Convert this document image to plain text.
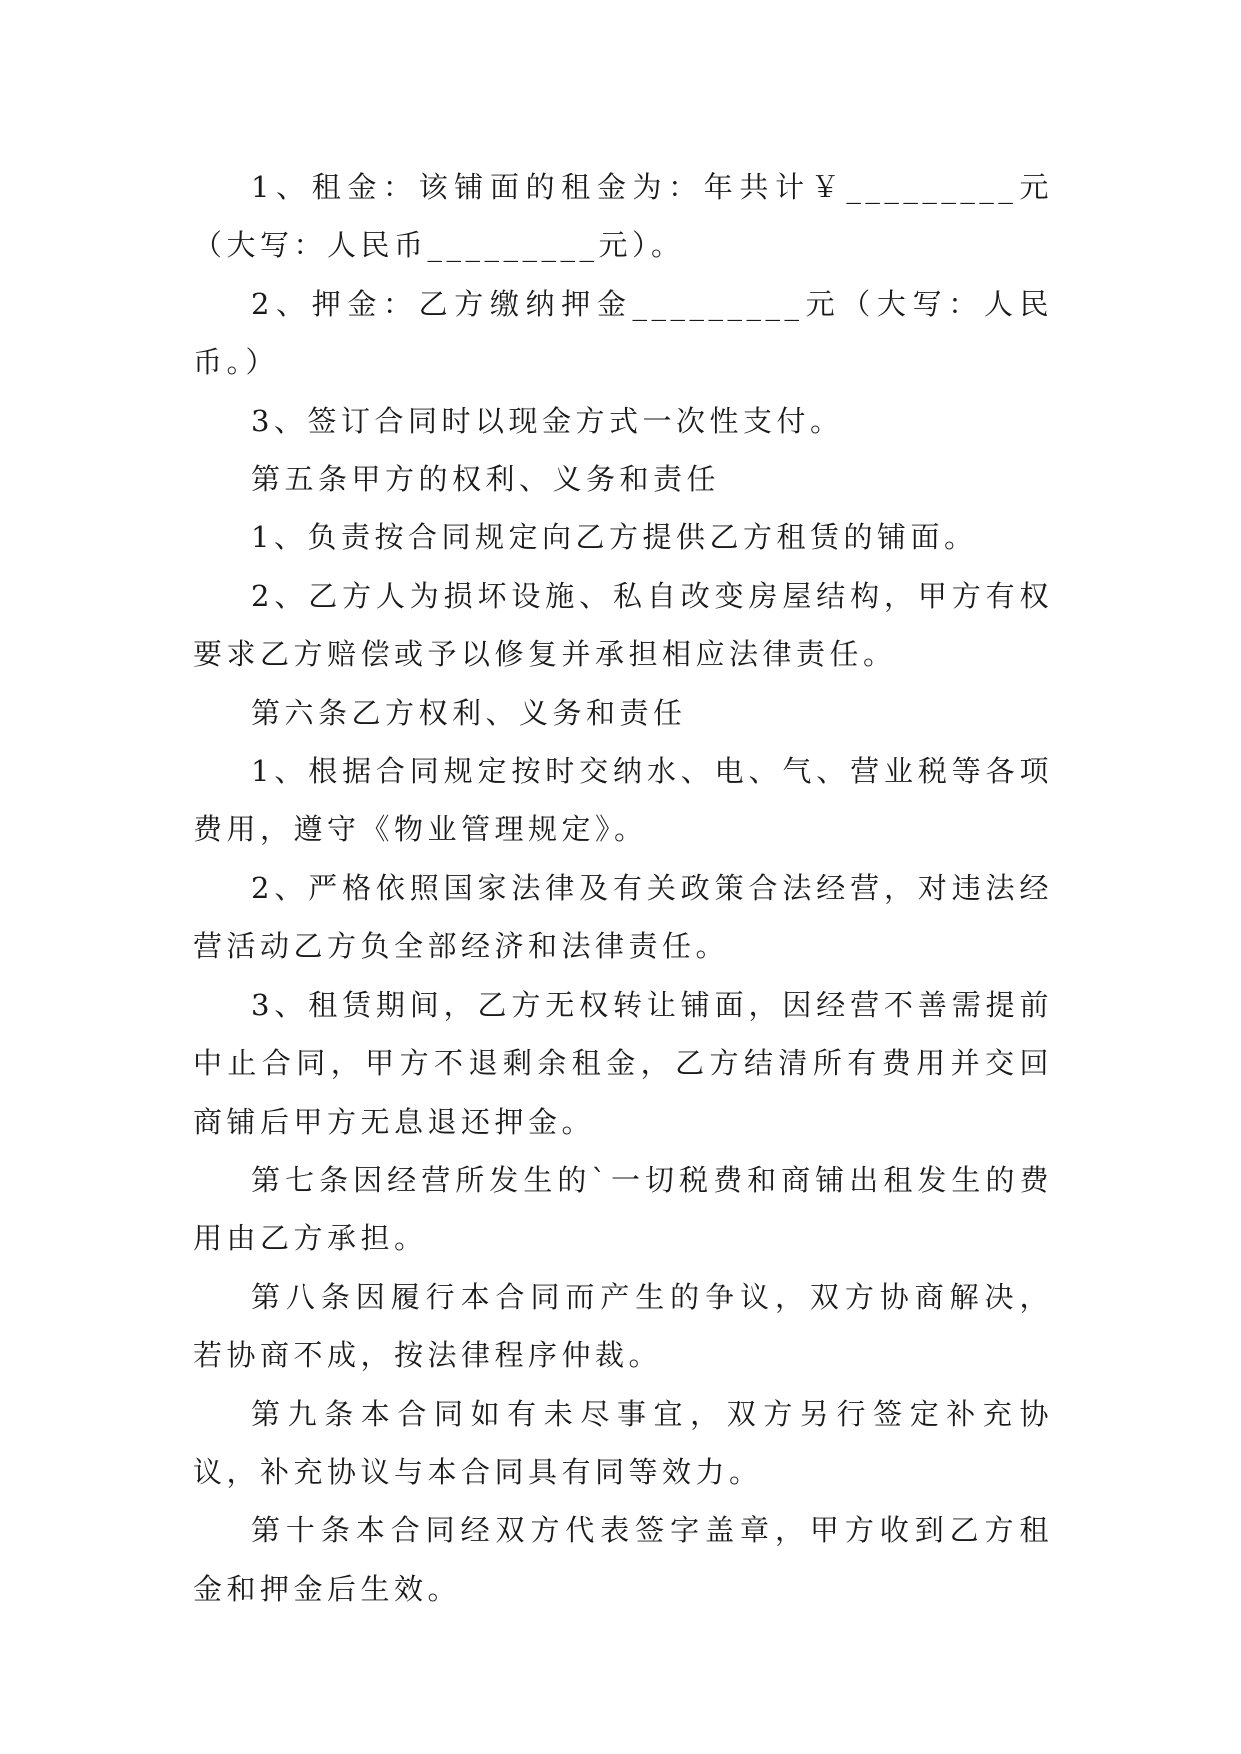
1、租金：该铺面的租金为：年共计￥_________元（大写：人民币_________元）。

2、押金：乙方缴纳押金_________元（大写：人民币。）

3、签订合同时以现金方式一次性支付。

第五条甲方的权利、义务和责任

1、负责按合同规定向乙方提供乙方租赁的铺面。

2、乙方人为损坏设施、私自改变房屋结构，甲方有权要求乙方赔偿或予以修复并承担相应法律责任。

第六条乙方权利、义务和责任

1、根据合同规定按时交纳水、电、气、营业税等各项费用，遵守《物业管理规定》。

2、严格依照国家法律及有关政策合法经营，对违法经营活动乙方负全部经济和法律责任。

3、租赁期间，乙方无权转让铺面，因经营不善需提前中止合同，甲方不退剩余租金，乙方结清所有费用并交回商铺后甲方无息退还押金。

第七条因经营所发生的`一切税费和商铺出租发生的费用由乙方承担。

第八条因履行本合同而产生的争议，双方协商解决，若协商不成，按法律程序仲裁。

第九条本合同如有未尽事宜，双方另行签定补充协议，补充协议与本合同具有同等效力。

第十条本合同经双方代表签字盖章，甲方收到乙方租金和押金后生效。
